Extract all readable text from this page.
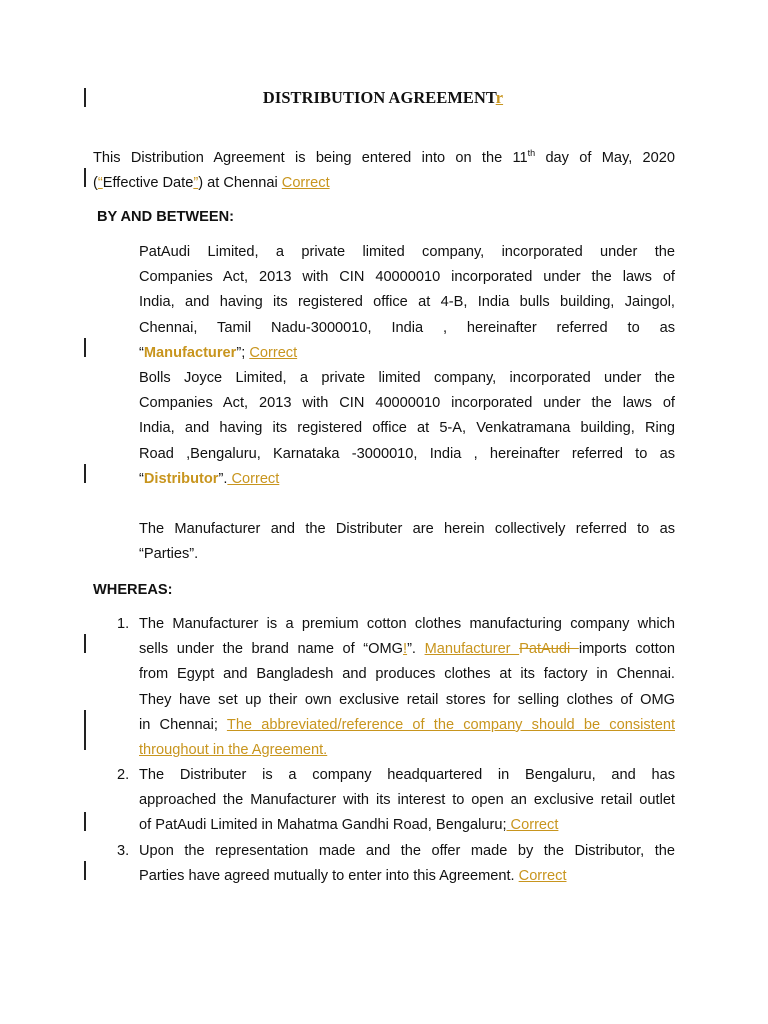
DISTRIBUTION AGREEMENTr
This Distribution Agreement is being entered into on the 11th day of May, 2020
(“Effective Date”) at Chennai Correct
BY AND BETWEEN:
PatAudi Limited, a private limited company, incorporated under the
Companies Act, 2013 with CIN 40000010 incorporated under the laws of
India, and having its registered office at 4-B, India bulls building, Jaingol,
Chennai, Tamil Nadu-3000010, India , hereinafter referred to as
“Manufacturer”; Correct
Bolls Joyce Limited, a private limited company, incorporated under the
Companies Act, 2013 with CIN 40000010 incorporated under the laws of
India, and having its registered office at 5-A, Venkatramana building, Ring
Road ,Bengaluru, Karnataka -3000010, India , hereinafter referred to as
“Distributor”. Correct
The Manufacturer and the Distributer are herein collectively referred to as
“Parties”.
WHEREAS:
1. The Manufacturer is a premium cotton clothes manufacturing company which
sells under the brand name of “OMG!”. Manufacturer PatAudi imports cotton
from Egypt and Bangladesh and produces clothes at its factory in Chennai.
They have set up their own exclusive retail stores for selling clothes of OMG
in Chennai; The abbreviated/reference of the company should be consistent
throughout in the Agreement.
2. The Distributer is a company headquartered in Bengaluru, and has
approached the Manufacturer with its interest to open an exclusive retail outlet
of PatAudi Limited in Mahatma Gandhi Road, Bengaluru; Correct
3. Upon the representation made and the offer made by the Distributor, the
Parties have agreed mutually to enter into this Agreement. Correct
